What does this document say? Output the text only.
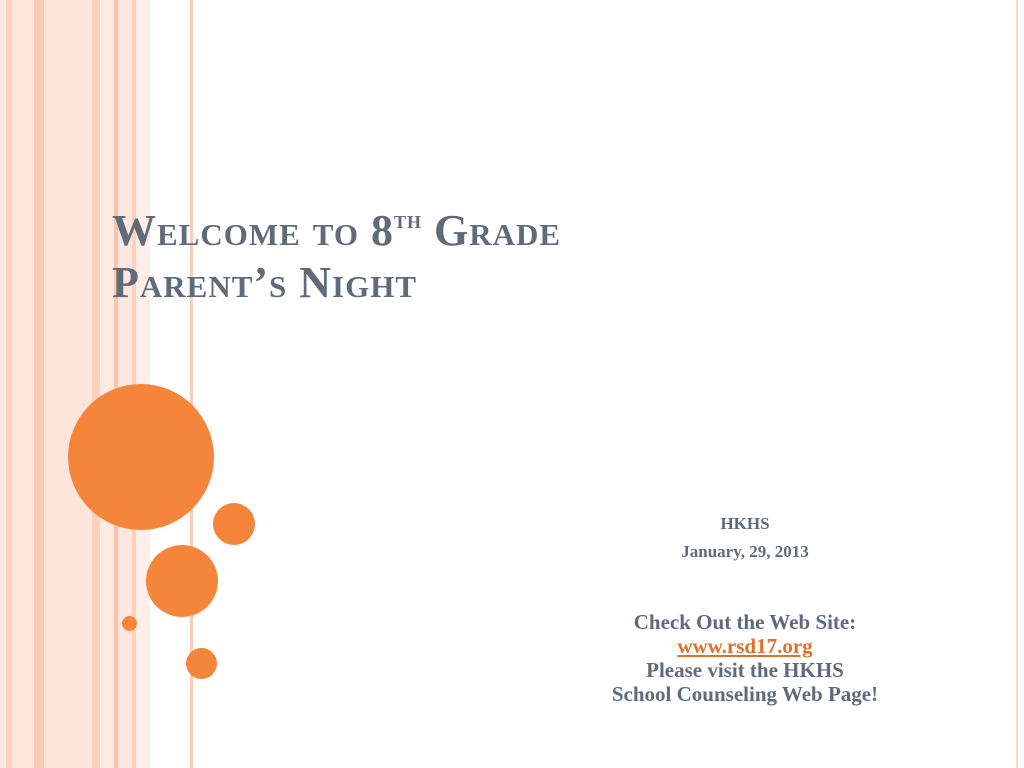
Welcome to 8th Grade
Parent’s Night
HKHS
January, 29, 2013
Check Out the Web Site:
www.rsd17.org
Please visit the HKHS
School Counseling Web Page!
